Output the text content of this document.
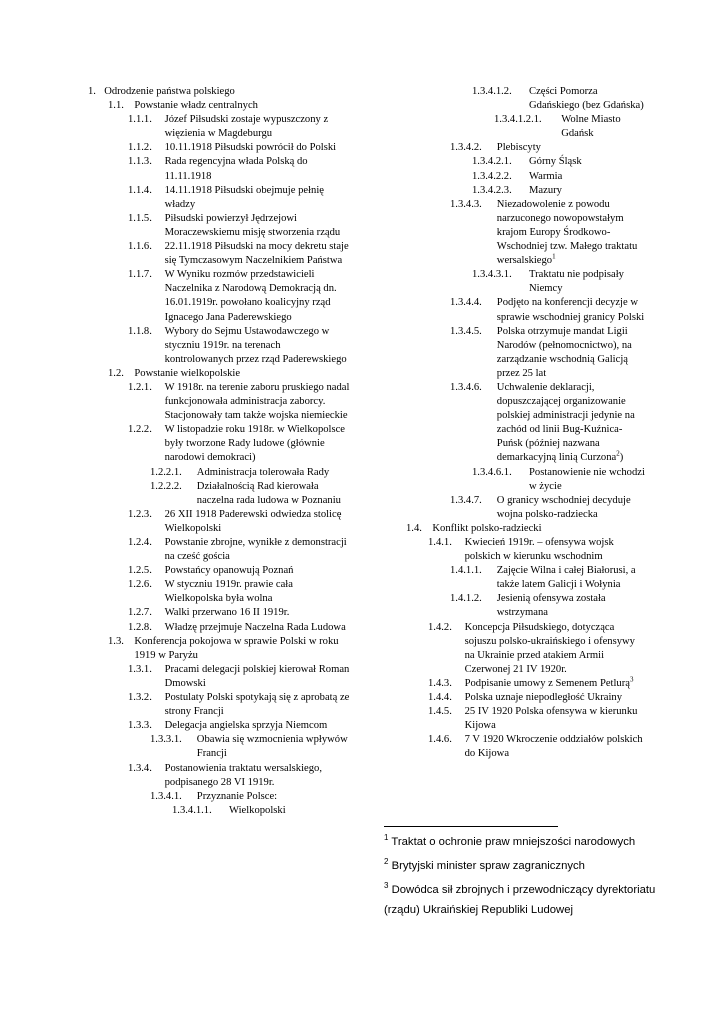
1. Odrodzenie państwa polskiego
1.1. Powstanie władz centralnych
1.1.1.	Józef Piłsudski zostaje wypuszczony z więzienia w Magdeburgu
1.1.2.	10.11.1918 Piłsudski powrócił do Polski
1.1.3.	Rada regencyjna włada Polską do 11.11.1918
1.1.4.	14.11.1918 Piłsudski obejmuje pełnię władzy
1.1.5.	Piłsudski powierzył Jędrzejowi Moraczewskiemu misję stworzenia rządu
1.1.6.	22.11.1918 Piłsudski na mocy dekretu staje się Tymczasowym Naczelnikiem Państwa
1.1.7.	W Wyniku rozmów przedstawicieli Naczelnika z Narodową Demokracją dn. 16.01.1919r. powołano koalicyjny rząd Ignacego Jana Paderewskiego
1.1.8.	Wybory do Sejmu Ustawodawczego w styczniu 1919r. na terenach kontrolowanych przez rząd Paderewskiego
1.2. Powstanie wielkopolskie
1.2.1.	W 1918r. na terenie zaboru pruskiego nadal funkcjonowała administracja zaborcy. Stacjonowały tam także wojska niemieckie
1.2.2.	W listopadzie roku 1918r. w Wielkopolsce były tworzone Rady ludowe (głównie narodowi demokraci)
1.2.2.1.	Administracja tolerowała Rady
1.2.2.2.	Działalnością Rad kierowała naczelna rada ludowa w Poznaniu
1.2.3.	26 XII 1918 Paderewski odwiedza stolicę Wielkopolski
1.2.4.	Powstanie zbrojne, wynikłe z demonstracji na cześć gościa
1.2.5.	Powstańcy opanowują Poznań
1.2.6.	W styczniu 1919r. prawie cała Wielkopolska była wolna
1.2.7.	Walki przerwano 16 II 1919r.
1.2.8.	Władzę przejmuje Naczelna Rada Ludowa
1.3. Konferencja pokojowa w sprawie Polski w roku 1919 w Paryżu
1.3.1.	Pracami delegacji polskiej kierował Roman Dmowski
1.3.2.	Postulaty Polski spotykają się z aprobatą ze strony Francji
1.3.3.	Delegacja angielska sprzyja Niemcom
1.3.3.1.	Obawia się wzmocnienia wpływów Francji
1.3.4.	Postanowienia traktatu wersalskiego, podpisanego 28 VI 1919r.
1.3.4.1.	Przyznanie Polsce:
1.3.4.1.1.	Wielkopolski
1.3.4.1.2.	Części Pomorza Gdańskiego (bez Gdańska)
1.3.4.1.2.1.	Wolne Miasto Gdańsk
1.3.4.2.	Plebiscyty
1.3.4.2.1.	Górny Śląsk
1.3.4.2.2.	Warmia
1.3.4.2.3.	Mazury
1.3.4.3.	Niezadowolenie z powodu narzuconego nowopowstałym krajom Europy Środkowo-Wschodniej tzw. Małego traktatu wersalskiego$^1$
1.3.4.3.1.	Traktatu nie podpisały Niemcy
1.3.4.4.	Podjęto na konferencji decyzje w sprawie wschodniej granicy Polski
1.3.4.5.	Polska otrzymuje mandat Ligii Narodów (pełnomocnictwo), na zarządzanie wschodnią Galicją przez 25 lat
1.3.4.6.	Uchwalenie deklaracji, dopuszczającej organizowanie polskiej administracji jedynie na zachód od linii Bug-Kuźnica-Puńsk (później nazwana demarkacyjną linią Curzona$^2$)
1.3.4.6.1.	Postanowienie nie wchodzi w życie
1.3.4.7.	O granicy wschodniej decyduje wojna polsko-radziecka
1.4. Konflikt polsko-radziecki
1.4.1.	Kwiecień 1919r. – ofensywa wojsk polskich w kierunku wschodnim
1.4.1.1.	Zajęcie Wilna i całej Białorusi, a także latem Galicji i Wołynia
1.4.1.2.	Jesienią ofensywa została wstrzymana
1.4.2.	Koncepcja Piłsudskiego, dotycząca sojuszu polsko-ukraińskiego i ofensywy na Ukrainie przed atakiem Armii Czerwonej 21 IV 1920r.
1.4.3.	Podpisanie umowy z Semenem Petlurą$^3$
1.4.4.	Polska uznaje niepodległość Ukrainy
1.4.5.	25 IV 1920 Polska ofensywa w kierunku Kijowa
1.4.6.	7 V 1920 Wkroczenie oddziałów polskich do Kijowa
$^1$ Traktat o ochronie praw mniejszości narodowych
$^2$ Brytyjski minister spraw zagranicznych
$^3$ Dowódca sił zbrojnych i przewodniczący dyrektoriatu (rządu) Ukraińskiej Republiki Ludowej
